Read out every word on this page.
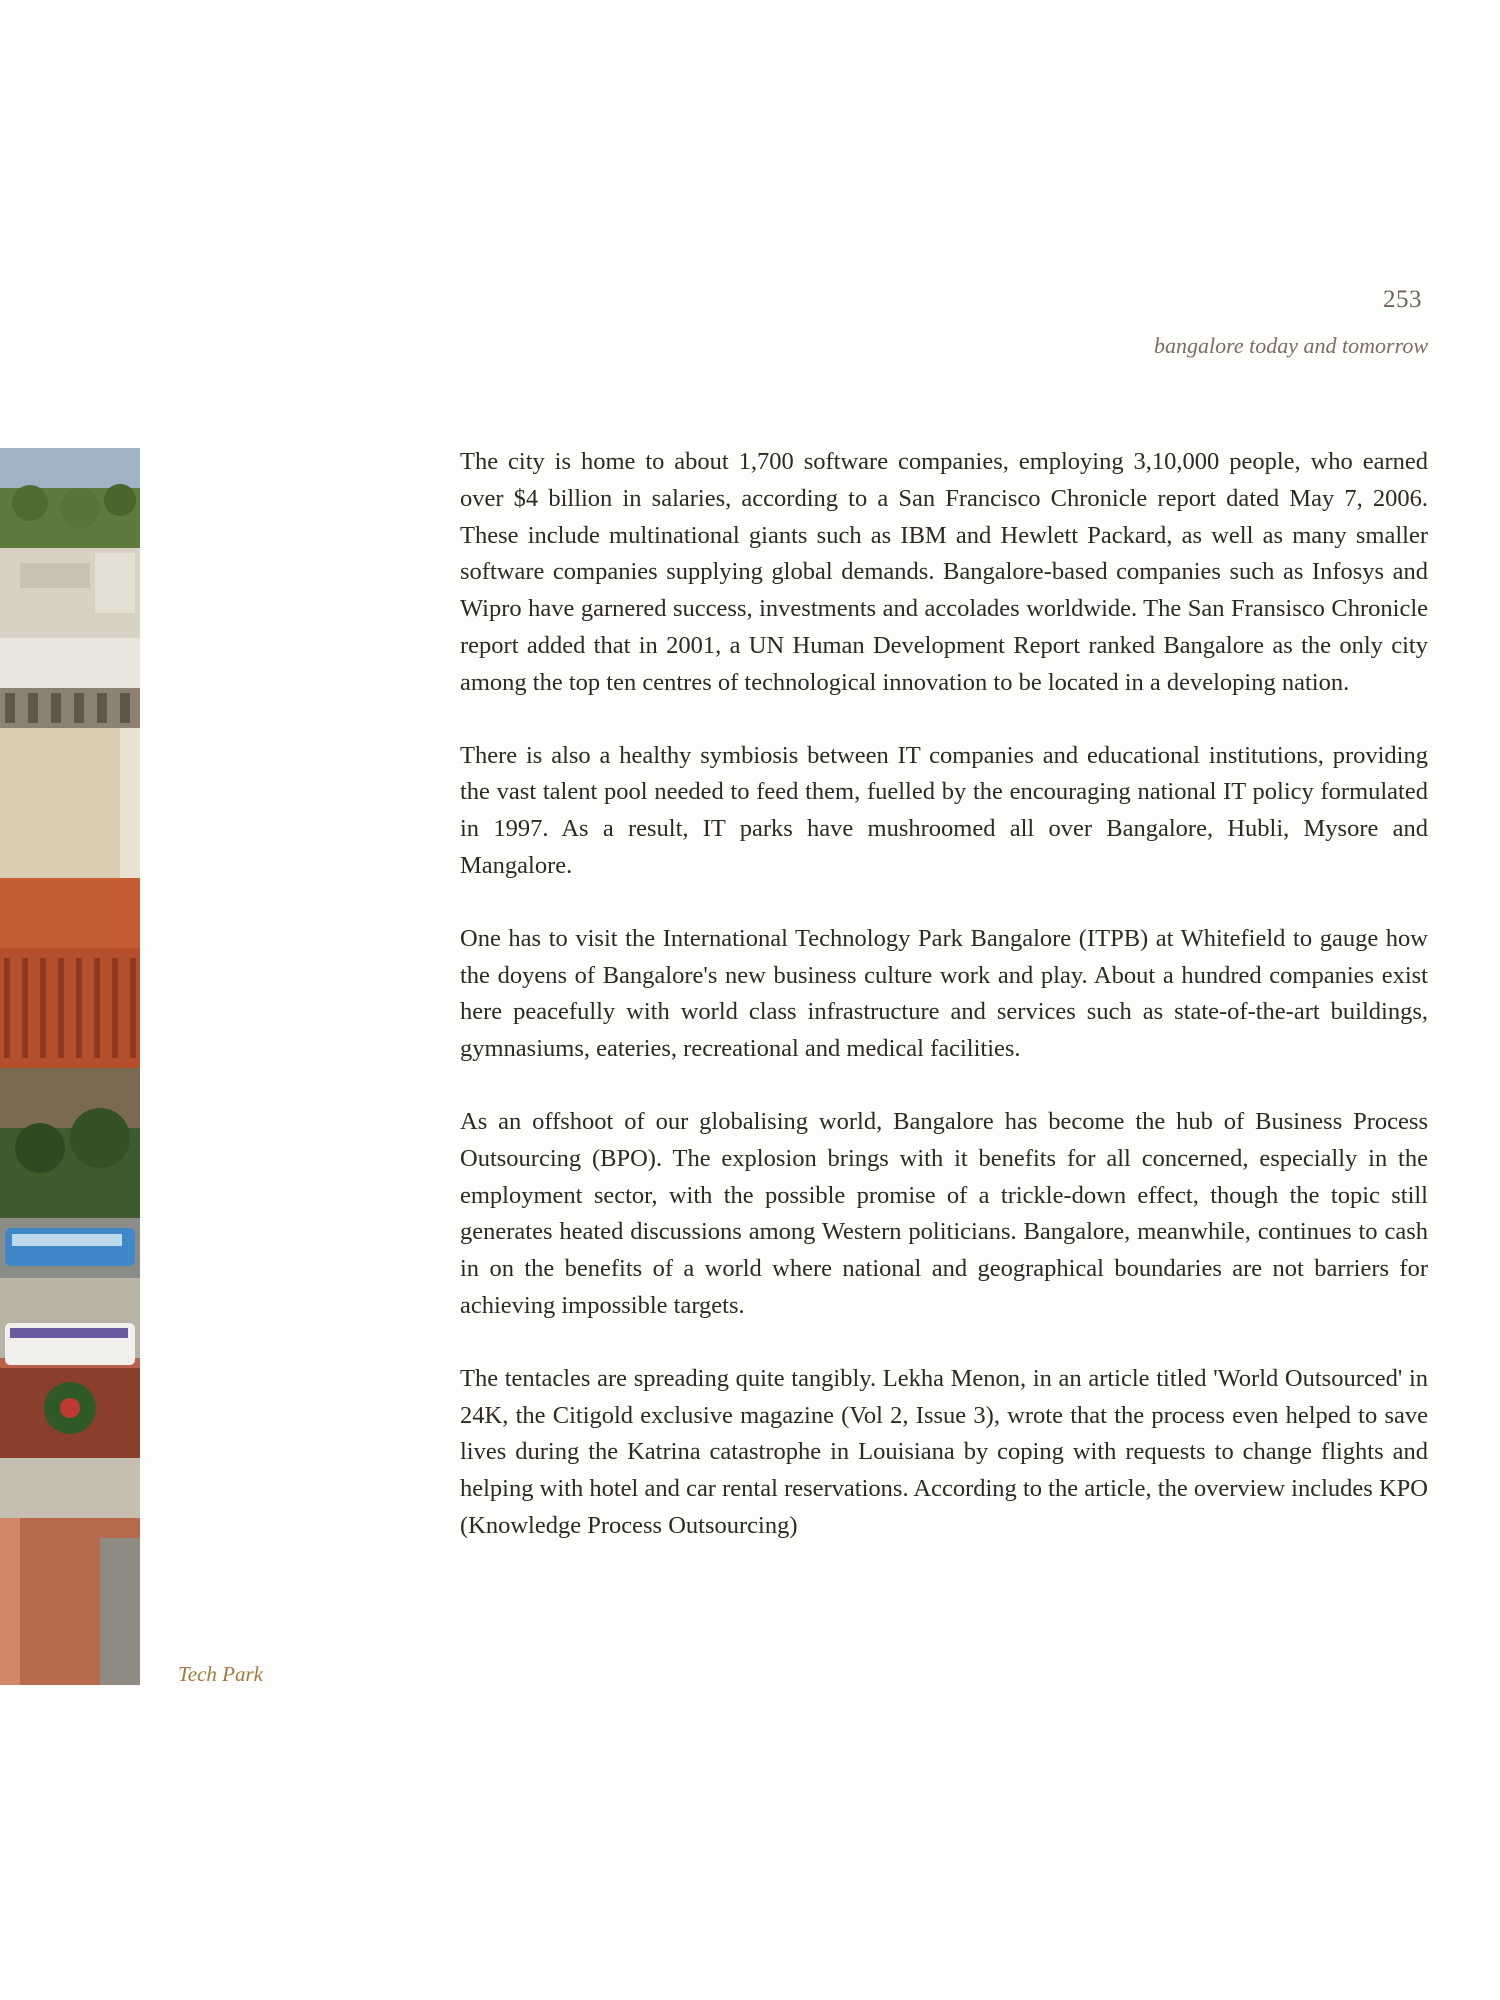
253
bangalore today and tomorrow
Tech Park

The city is home to about 1,700 software companies, employing 3,10,000 people, who earned over $4 billion in salaries, according to a San Francisco Chronicle report dated May 7, 2006. These include multinational giants such as IBM and Hewlett Packard, as well as many smaller software companies supplying global demands. Bangalore-based companies such as Infosys and Wipro have garnered success, investments and accolades worldwide. The San Fransisco Chronicle report added that in 2001, a UN Human Development Report ranked Bangalore as the only city among the top ten centres of technological innovation to be located in a developing nation.

There is also a healthy symbiosis between IT companies and educational institutions, providing the vast talent pool needed to feed them, fuelled by the encouraging national IT policy formulated in 1997. As a result, IT parks have mushroomed all over Bangalore, Hubli, Mysore and Mangalore.

One has to visit the International Technology Park Bangalore (ITPB) at Whitefield to gauge how the doyens of Bangalore's new business culture work and play. About a hundred companies exist here peacefully with world class infrastructure and services such as state-of-the-art buildings, gymnasiums, eateries, recreational and medical facilities.

As an offshoot of our globalising world, Bangalore has become the hub of Business Process Outsourcing (BPO). The explosion brings with it benefits for all concerned, especially in the employment sector, with the possible promise of a trickle-down effect, though the topic still generates heated discussions among Western politicians. Bangalore, meanwhile, continues to cash in on the benefits of a world where national and geographical boundaries are not barriers for achieving impossible targets.

The tentacles are spreading quite tangibly. Lekha Menon, in an article titled 'World Outsourced' in 24K, the Citigold exclusive magazine (Vol 2, Issue 3), wrote that the process even helped to save lives during the Katrina catastrophe in Louisiana by coping with requests to change flights and helping with hotel and car rental reservations. According to the article, the overview includes KPO (Knowledge Process Outsourcing)
